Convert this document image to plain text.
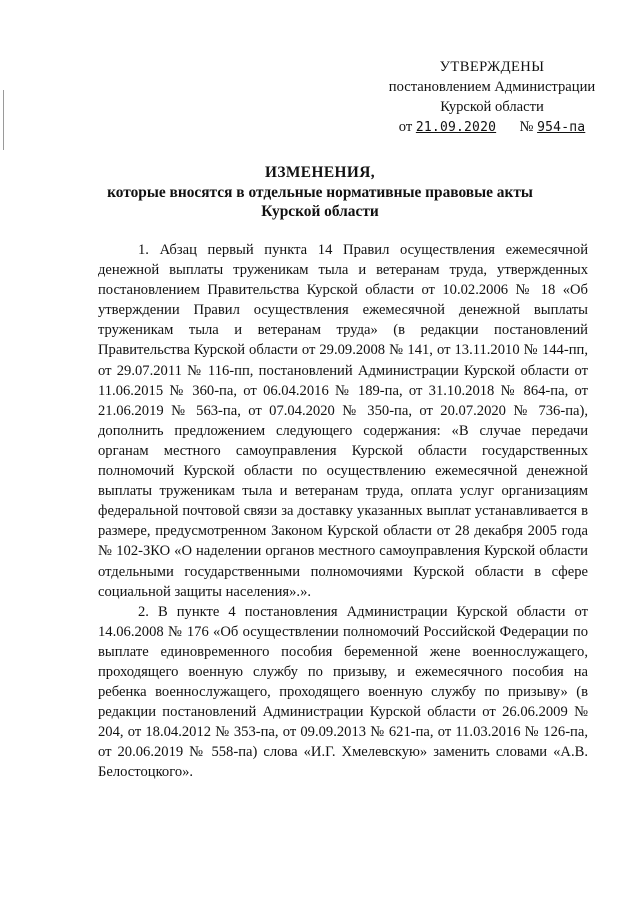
УТВЕРЖДЕНЫ
постановлением Администрации
Курской области
от 21.09.2020 № 954-па
ИЗМЕНЕНИЯ,
которые вносятся в отдельные нормативные правовые акты
Курской области

1. Абзац первый пункта 14 Правил осуществления ежемесячной денежной выплаты труженикам тыла и ветеранам труда, утвержденных постановлением Правительства Курской области от 10.02.2006 № 18 «Об утверждении Правил осуществления ежемесячной денежной выплаты труженикам тыла и ветеранам труда» (в редакции постановлений Правительства Курской области от 29.09.2008 № 141, от 13.11.2010 № 144-пп, от 29.07.2011 № 116-пп, постановлений Администрации Курской области от 11.06.2015 № 360-па, от 06.04.2016 № 189-па, от 31.10.2018 № 864-па, от 21.06.2019 № 563-па, от 07.04.2020 № 350-па, от 20.07.2020 № 736-па), дополнить предложением следующего содержания: «В случае передачи органам местного самоуправления Курской области государственных полномочий Курской области по осуществлению ежемесячной денежной выплаты труженикам тыла и ветеранам труда, оплата услуг организациям федеральной почтовой связи за доставку указанных выплат устанавливается в размере, предусмотренном Законом Курской области от 28 декабря 2005 года № 102-ЗКО «О наделении органов местного самоуправления Курской области отдельными государственными полномочиями Курской области в сфере социальной защиты населения».».

2. В пункте 4 постановления Администрации Курской области от 14.06.2008 № 176 «Об осуществлении полномочий Российской Федерации по выплате единовременного пособия беременной жене военнослужащего, проходящего военную службу по призыву, и ежемесячного пособия на ребенка военнослужащего, проходящего военную службу по призыву» (в редакции постановлений Администрации Курской области от 26.06.2009 № 204, от 18.04.2012 № 353-па, от 09.09.2013 № 621-па, от 11.03.2016 № 126-па, от 20.06.2019 № 558-па) слова «И.Г. Хмелевскую» заменить словами «А.В. Белостоцкого».
